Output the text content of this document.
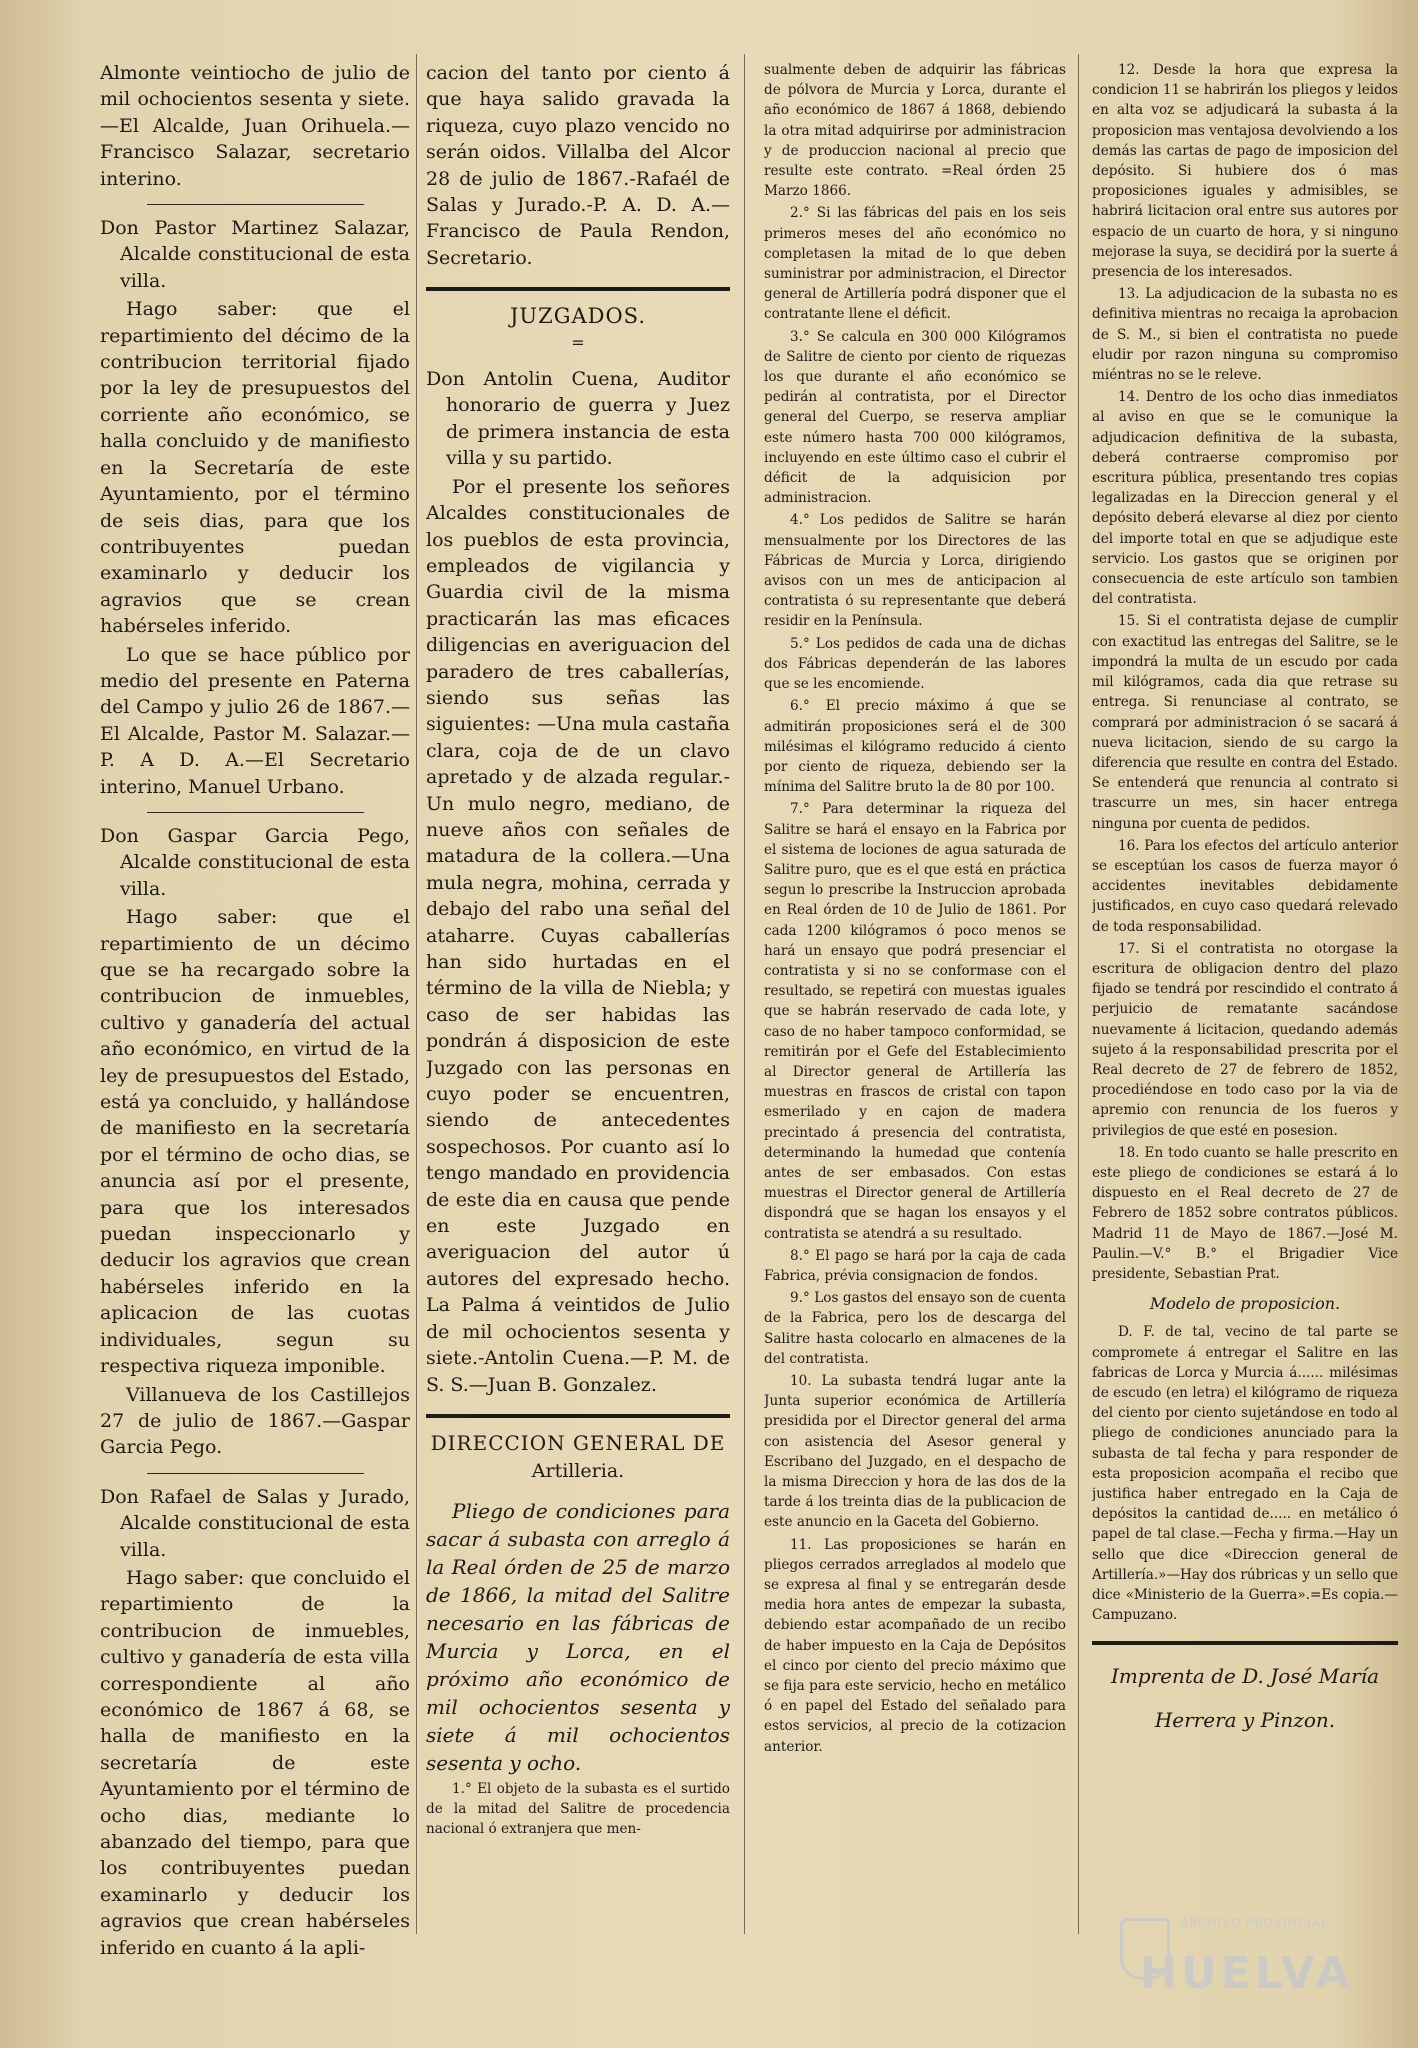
Almonte veintiocho de julio de mil ochocientos sesenta y siete.—El Alcalde, Juan Orihuela.—Francisco Salazar, secretario interino.

Don Pastor Martinez Salazar, Alcalde constitucional de esta villa.

Hago saber: que el repartimiento del décimo de la contribucion territorial fijado por la ley de presupuestos del corriente año económico, se halla concluido y de manifiesto en la Secretaría de este Ayuntamiento, por el término de seis dias, para que los contribuyentes puedan examinarlo y deducir los agravios que se crean habérseles inferido.

Lo que se hace público por medio del presente en Paterna del Campo y julio 26 de 1867.—El Alcalde, Pastor M. Salazar.—P. A D. A.—El Secretario interino, Manuel Urbano.

Don Gaspar Garcia Pego, Alcalde constitucional de esta villa.

Hago saber: que el repartimiento de un décimo que se ha recargado sobre la contribucion de inmuebles, cultivo y ganadería del actual año económico, en virtud de la ley de presupuestos del Estado, está ya concluido, y hallándose de manifiesto en la secretaría por el término de ocho dias, se anuncia así por el presente, para que los interesados puedan inspeccionarlo y deducir los agravios que crean habérseles inferido en la aplicacion de las cuotas individuales, segun su respectiva riqueza imponible.

Villanueva de los Castillejos 27 de julio de 1867.—Gaspar Garcia Pego.

Don Rafael de Salas y Jurado, Alcalde constitucional de esta villa.

Hago saber: que concluido el repartimiento de la contribucion de inmuebles, cultivo y ganadería de esta villa correspondiente al año económico de 1867 á 68, se halla de manifiesto en la secretaría de este Ayuntamiento por el término de ocho dias, mediante lo abanzado del tiempo, para que los contribuyentes puedan examinarlo y deducir los agravios que crean habérseles inferido en cuanto á la apli-

cacion del tanto por ciento á que haya salido gravada la riqueza, cuyo plazo vencido no serán oidos. Villalba del Alcor 28 de julio de 1867.-Rafaél de Salas y Jurado.-P. A. D. A.—Francisco de Paula Rendon, Secretario.

JUZGADOS.
=

Don Antolin Cuena, Auditor honorario de guerra y Juez de primera instancia de esta villa y su partido.

Por el presente los señores Alcaldes constitucionales de los pueblos de esta provincia, empleados de vigilancia y Guardia civil de la misma practicarán las mas eficaces diligencias en averiguacion del paradero de tres caballerías, siendo sus señas las siguientes: —Una mula castaña clara, coja de de un clavo apretado y de alzada regular.-Un mulo negro, mediano, de nueve años con señales de matadura de la collera.—Una mula negra, mohina, cerrada y debajo del rabo una señal del ataharre. Cuyas caballerías han sido hurtadas en el término de la villa de Niebla; y caso de ser habidas las pondrán á disposicion de este Juzgado con las personas en cuyo poder se encuentren, siendo de antecedentes sospechosos. Por cuanto así lo tengo mandado en providencia de este dia en causa que pende en este Juzgado en averiguacion del autor ú autores del expresado hecho. La Palma á veintidos de Julio de mil ochocientos sesenta y siete.-Antolin Cuena.—P. M. de S. S.—Juan B. Gonzalez.

DIRECCION GENERAL DE
Artilleria.

Pliego de condiciones para sacar á subasta con arreglo á la Real órden de 25 de marzo de 1866, la mitad del Salitre necesario en las fábricas de Murcia y Lorca, en el próximo año económico de mil ochocientos sesenta y siete á mil ochocientos sesenta y ocho.

1.° El objeto de la subasta es el surtido de la mitad del Salitre de procedencia nacional ó extranjera que men-

sualmente deben de adquirir las fábricas de pólvora de Murcia y Lorca, durante el año económico de 1867 á 1868, debiendo la otra mitad adquirirse por administracion y de produccion nacional al precio que resulte este contrato. =Real órden 25 Marzo 1866.

2.° Si las fábricas del pais en los seis primeros meses del año económico no completasen la mitad de lo que deben suministrar por administracion, el Director general de Artillería podrá disponer que el contratante llene el déficit.

3.° Se calcula en 300 000 Kilógramos de Salitre de ciento por ciento de riquezas los que durante el año económico se pedirán al contratista, por el Director general del Cuerpo, se reserva ampliar este número hasta 700 000 kilógramos, incluyendo en este último caso el cubrir el déficit de la adquisicion por administracion.

4.° Los pedidos de Salitre se harán mensualmente por los Directores de las Fábricas de Murcia y Lorca, dirigiendo avisos con un mes de anticipacion al contratista ó su representante que deberá residir en la Península.

5.° Los pedidos de cada una de dichas dos Fábricas dependerán de las labores que se les encomiende.

6.° El precio máximo á que se admitirán proposiciones será el de 300 milésimas el kilógramo reducido á ciento por ciento de riqueza, debiendo ser la mínima del Salitre bruto la de 80 por 100.

7.° Para determinar la riqueza del Salitre se hará el ensayo en la Fabrica por el sistema de lociones de agua saturada de Salitre puro, que es el que está en práctica segun lo prescribe la Instruccion aprobada en Real órden de 10 de Julio de 1861. Por cada 1200 kilógramos ó poco menos se hará un ensayo que podrá presenciar el contratista y si no se conformase con el resultado, se repetirá con muestas iguales que se habrán reservado de cada lote, y caso de no haber tampoco conformidad, se remitirán por el Gefe del Establecimiento al Director general de Artillería las muestras en frascos de cristal con tapon esmerilado y en cajon de madera precintado á presencia del contratista, determinando la humedad que contenía antes de ser embasados. Con estas muestras el Director general de Artillería dispondrá que se hagan los ensayos y el contratista se atendrá a su resultado.

8.° El pago se hará por la caja de cada Fabrica, prévia consignacion de fondos.

9.° Los gastos del ensayo son de cuenta de la Fabrica, pero los de descarga del Salitre hasta colocarlo en almacenes de la del contratista.

10. La subasta tendrá lugar ante la Junta superior económica de Artillería presidida por el Director general del arma con asistencia del Asesor general y Escribano del Juzgado, en el despacho de la misma Direccion y hora de las dos de la tarde á los treinta dias de la publicacion de este anuncio en la Gaceta del Gobierno.

11. Las proposiciones se harán en pliegos cerrados arreglados al modelo que se expresa al final y se entregarán desde media hora antes de empezar la subasta, debiendo estar acompañado de un recibo de haber impuesto en la Caja de Depósitos el cinco por ciento del precio máximo que se fija para este servicio, hecho en metálico ó en papel del Estado del señalado para estos servicios, al precio de la cotizacion anterior.

12. Desde la hora que expresa la condicion 11 se habrirán los pliegos y leidos en alta voz se adjudicará la subasta á la proposicion mas ventajosa devolviendo a los demás las cartas de pago de imposicion del depósito. Si hubiere dos ó mas proposiciones iguales y admisibles, se habrirá licitacion oral entre sus autores por espacio de un cuarto de hora, y si ninguno mejorase la suya, se decidirá por la suerte á presencia de los interesados.

13. La adjudicacion de la subasta no es definitiva mientras no recaiga la aprobacion de S. M., si bien el contratista no puede eludir por razon ninguna su compromiso miéntras no se le releve.

14. Dentro de los ocho dias inmediatos al aviso en que se le comunique la adjudicacion definitiva de la subasta, deberá contraerse compromiso por escritura pública, presentando tres copias legalizadas en la Direccion general y el depósito deberá elevarse al diez por ciento del importe total en que se adjudique este servicio. Los gastos que se originen por consecuencia de este artículo son tambien del contratista.

15. Si el contratista dejase de cumplir con exactitud las entregas del Salitre, se le impondrá la multa de un escudo por cada mil kilógramos, cada dia que retrase su entrega. Si renunciase al contrato, se comprará por administracion ó se sacará á nueva licitacion, siendo de su cargo la diferencia que resulte en contra del Estado. Se entenderá que renuncia al contrato si trascurre un mes, sin hacer entrega ninguna por cuenta de pedidos.

16. Para los efectos del artículo anterior se esceptúan los casos de fuerza mayor ó accidentes inevitables debidamente justificados, en cuyo caso quedará relevado de toda responsabilidad.

17. Si el contratista no otorgase la escritura de obligacion dentro del plazo fijado se tendrá por rescindido el contrato á perjuicio de rematante sacándose nuevamente á licitacion, quedando además sujeto á la responsabilidad prescrita por el Real decreto de 27 de febrero de 1852, procediéndose en todo caso por la via de apremio con renuncia de los fueros y privilegios de que esté en posesion.

18. En todo cuanto se halle prescrito en este pliego de condiciones se estará á lo dispuesto en el Real decreto de 27 de Febrero de 1852 sobre contratos públicos. Madrid 11 de Mayo de 1867.—José M. Paulin.—V.° B.° el Brigadier Vice presidente, Sebastian Prat.

Modelo de proposicion.

D. F. de tal, vecino de tal parte se compromete á entregar el Salitre en las fabricas de Lorca y Murcia á...... milésimas de escudo (en letra) el kilógramo de riqueza del ciento por ciento sujetándose en todo al pliego de condiciones anunciado para la subasta de tal fecha y para responder de esta proposicion acompaña el recibo que justifica haber entregado en la Caja de depósitos la cantidad de..... en metálico ó papel de tal clase.—Fecha y firma.—Hay un sello que dice «Direccion general de Artillería.»—Hay dos rúbricas y un sello que dice «Ministerio de la Guerra».=Es copia.—Campuzano.

Imprenta de D. José María
Herrera y Pinzon.
ARCHIVO PROVINCIAL
HUELVA
